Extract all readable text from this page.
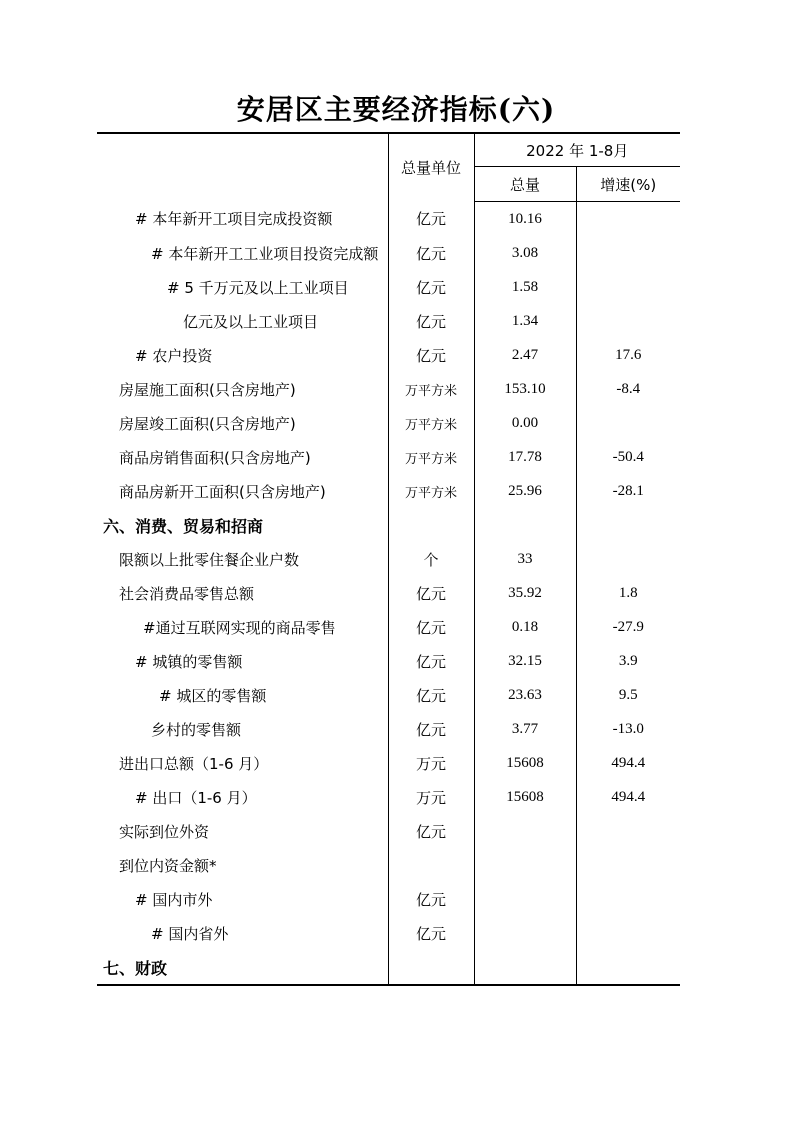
安居区主要经济指标(六)
	总量单位	2022 年 1-8月	
		总量	增速(%)
# 本年新开工项目完成投资额	亿元	10.16	
# 本年新开工工业项目投资完成额	亿元	3.08	
# 5 千万元及以上工业项目	亿元	1.58	
亿元及以上工业项目	亿元	1.34	
# 农户投资	亿元	2.47	17.6
房屋施工面积(只含房地产)	万平方米	153.10	-8.4
房屋竣工面积(只含房地产)	万平方米	0.00	
商品房销售面积(只含房地产)	万平方米	17.78	-50.4
商品房新开工面积(只含房地产)	万平方米	25.96	-28.1
六、消费、贸易和招商			
限额以上批零住餐企业户数	个	33	
社会消费品零售总额	亿元	35.92	1.8
#通过互联网实现的商品零售	亿元	0.18	-27.9
# 城镇的零售额	亿元	32.15	3.9
# 城区的零售额	亿元	23.63	9.5
乡村的零售额	亿元	3.77	-13.0
进出口总额（1-6 月）	万元	15608	494.4
# 出口（1-6 月）	万元	15608	494.4
实际到位外资	亿元		
到位内资金额*			
# 国内市外	亿元		
# 国内省外	亿元		
七、财政			
